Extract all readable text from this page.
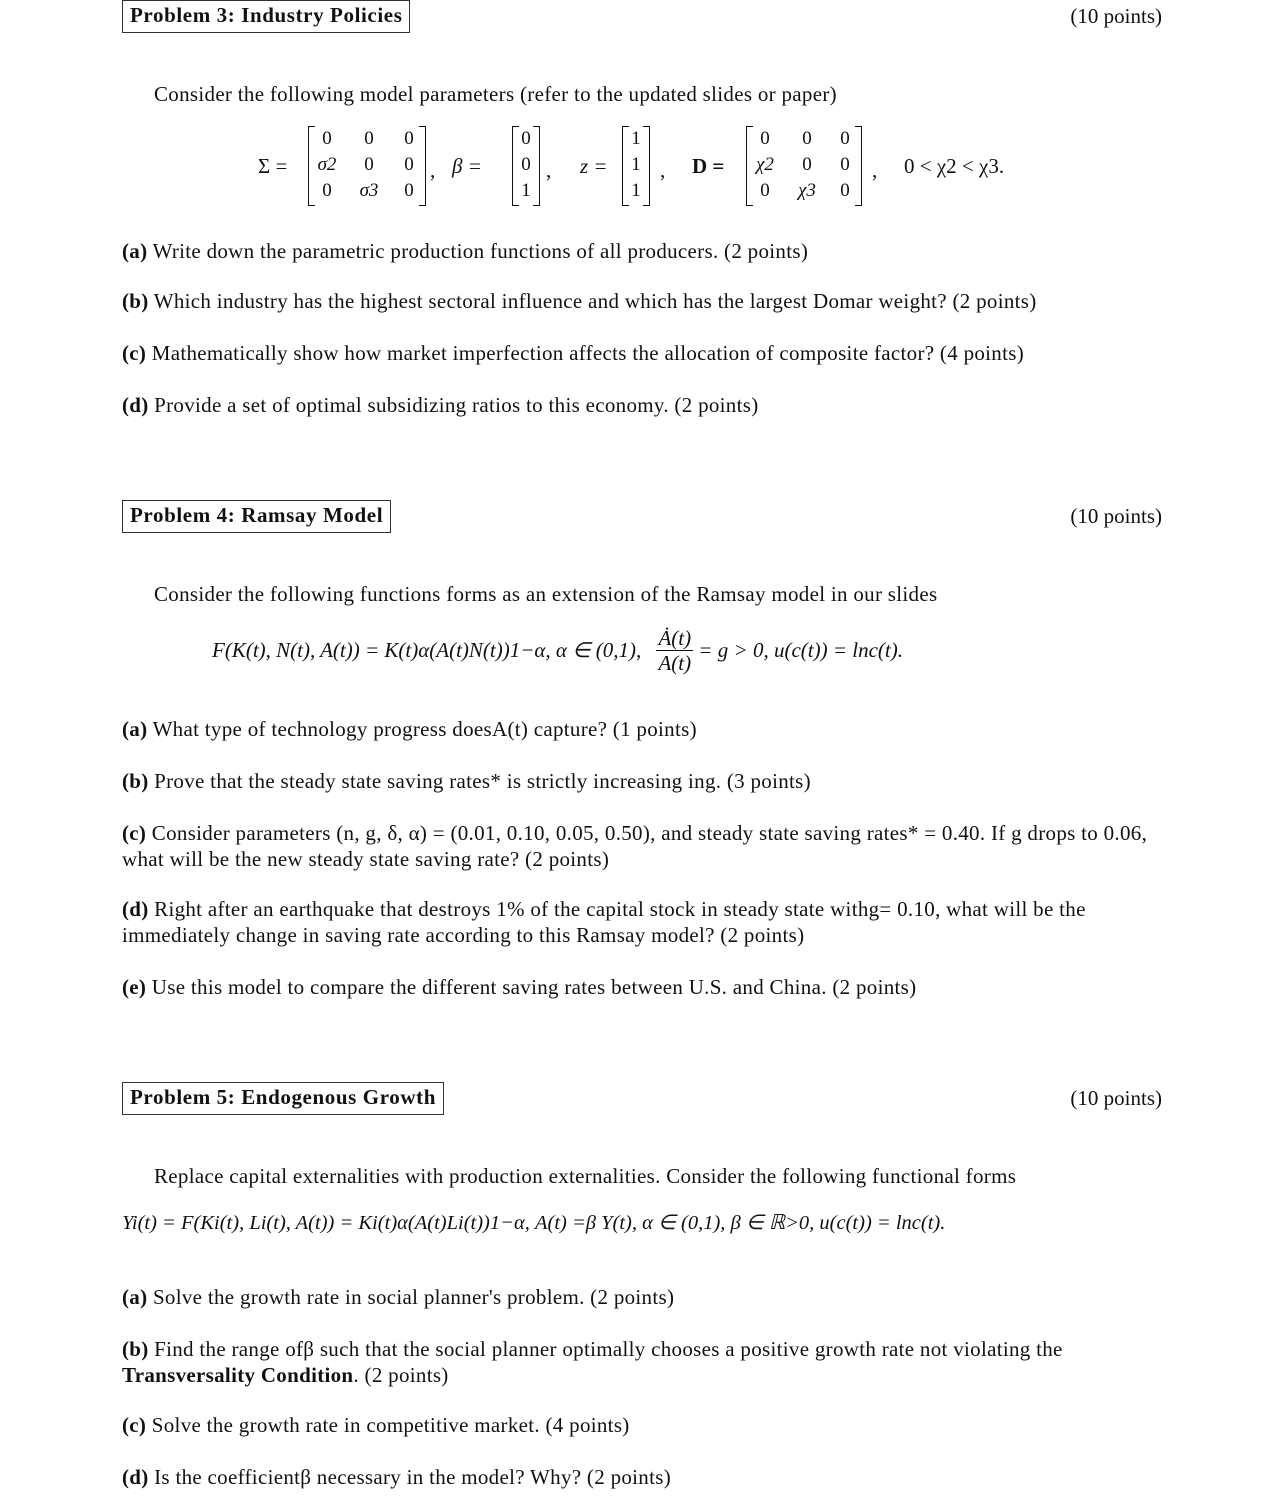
Problem 3: Industry Policies	(10 points)
Consider the following model parameters (refer to the updated slides or paper)
Σ =
0	0	0
σ2	0	0
0	σ3	0
, β =
0
0
1
, z =
1
1
1
, D =
0	0	0
χ2	0	0
0	χ3	0
, 0 < χ2 < χ3.
(a) Write down the parametric production functions of all producers. (2 points)
(b) Which industry has the highest sectoral influence and which has the largest Domar weight? (2 points)
(c) Mathematically show how market imperfection affects the allocation of composite factor? (4 points)
(d) Provide a set of optimal subsidizing ratios to this economy. (2 points)
Problem 4: Ramsay Model	(10 points)
Consider the following functions forms as an extension of the Ramsay model in our slides
F(K(t), N(t), A(t)) = K(t)α(A(t)N(t))1−α, α ∈ (0,1), $\frac{Ȧ(t)}{A(t)} = g > 0$, u(c(t)) = lnc(t).
(a) What type of technology progress doesA(t) capture? (1 points)
(b) Prove that the steady state saving rates* is strictly increasing ing. (3 points)
(c) Consider parameters (n, g, δ, α) = (0.01, 0.10, 0.05, 0.50), and steady state saving rates* = 0.40. If g drops to 0.06, what will be the new steady state saving rate? (2 points)
(d) Right after an earthquake that destroys 1% of the capital stock in steady state withg= 0.10, what will be the immediately change in saving rate according to this Ramsay model? (2 points)
(e) Use this model to compare the different saving rates between U.S. and China. (2 points)
Problem 5: Endogenous Growth	(10 points)
Replace capital externalities with production externalities. Consider the following functional forms
Yi(t) = F(Ki(t), Li(t), A(t)) = Ki(t)α(A(t)Li(t))1−α, A(t) =β Y(t), α ∈ (0,1), β ∈ ℝ>0, u(c(t)) = lnc(t).
(a) Solve the growth rate in social planner's problem. (2 points)
(b) Find the range ofβ such that the social planner optimally chooses a positive growth rate not violating the Transversality Condition. (2 points)
(c) Solve the growth rate in competitive market. (4 points)
(d) Is the coefficientβ necessary in the model? Why? (2 points)
